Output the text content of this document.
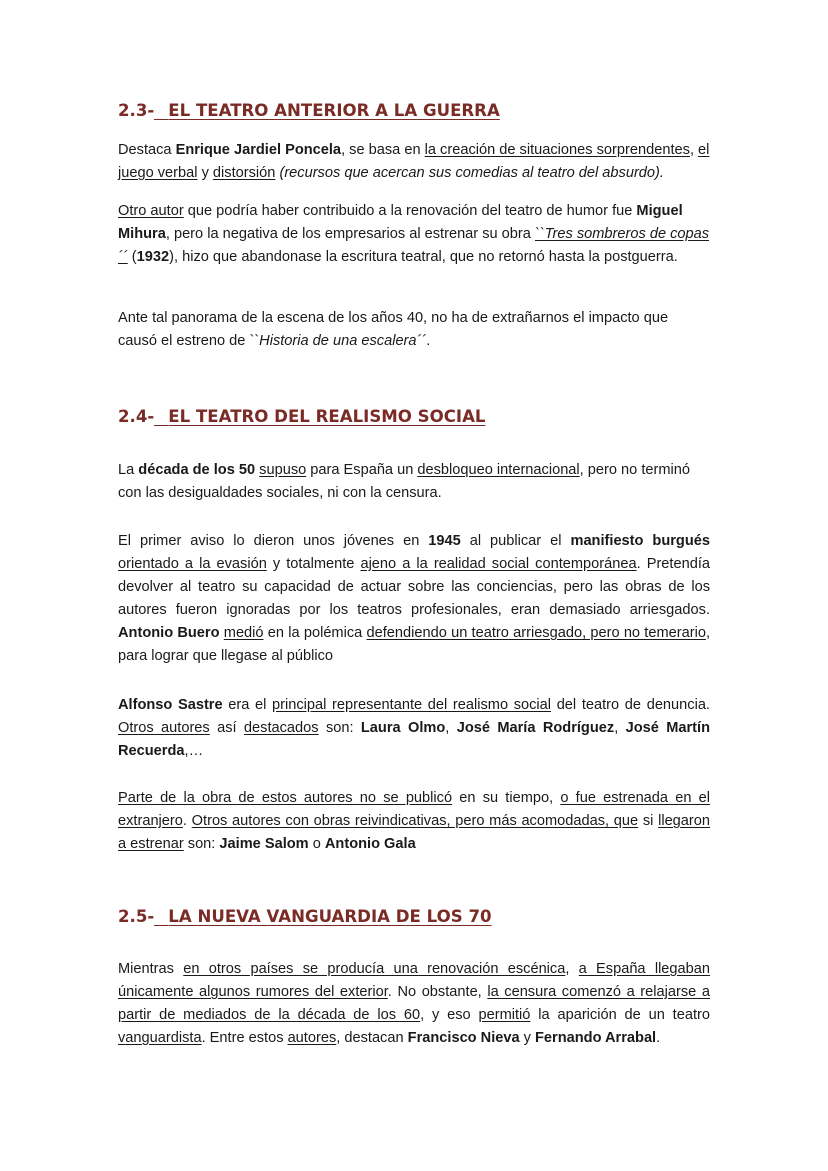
2.3- EL TEATRO ANTERIOR A LA GUERRA

Destaca Enrique Jardiel Poncela, se basa en la creación de situaciones sorprendentes, el juego verbal y distorsión (recursos que acercan sus comedias al teatro del absurdo).

Otro autor que podría haber contribuido a la renovación del teatro de humor fue Miguel Mihura, pero la negativa de los empresarios al estrenar su obra ``Tres sombreros de copas´´ (1932), hizo que abandonase la escritura teatral, que no retornó hasta la postguerra.

Ante tal panorama de la escena de los años 40, no ha de extrañarnos el impacto que causó el estreno de ``Historia de una escalera´´.

2.4- EL TEATRO DEL REALISMO SOCIAL

La década de los 50 supuso para España un desbloqueo internacional, pero no terminó con las desigualdades sociales, ni con la censura.

El primer aviso lo dieron unos jóvenes en 1945 al publicar el manifiesto burgués orientado a la evasión y totalmente ajeno a la realidad social contemporánea. Pretendía devolver al teatro su capacidad de actuar sobre las conciencias, pero las obras de los autores fueron ignoradas por los teatros profesionales, eran demasiado arriesgados. Antonio Buero medió en la polémica defendiendo un teatro arriesgado, pero no temerario, para lograr que llegase al público

Alfonso Sastre era el principal representante del realismo social del teatro de denuncia. Otros autores así destacados son: Laura Olmo, José María Rodríguez, José Martín Recuerda,…

Parte de la obra de estos autores no se publicó en su tiempo, o fue estrenada en el extranjero. Otros autores con obras reivindicativas, pero más acomodadas, que si llegaron a estrenar son: Jaime Salom o Antonio Gala

2.5- LA NUEVA VANGUARDIA DE LOS 70

Mientras en otros países se producía una renovación escénica, a España llegaban únicamente algunos rumores del exterior. No obstante, la censura comenzó a relajarse a partir de mediados de la década de los 60, y eso permitió la aparición de un teatro vanguardista. Entre estos autores, destacan Francisco Nieva y Fernando Arrabal.
